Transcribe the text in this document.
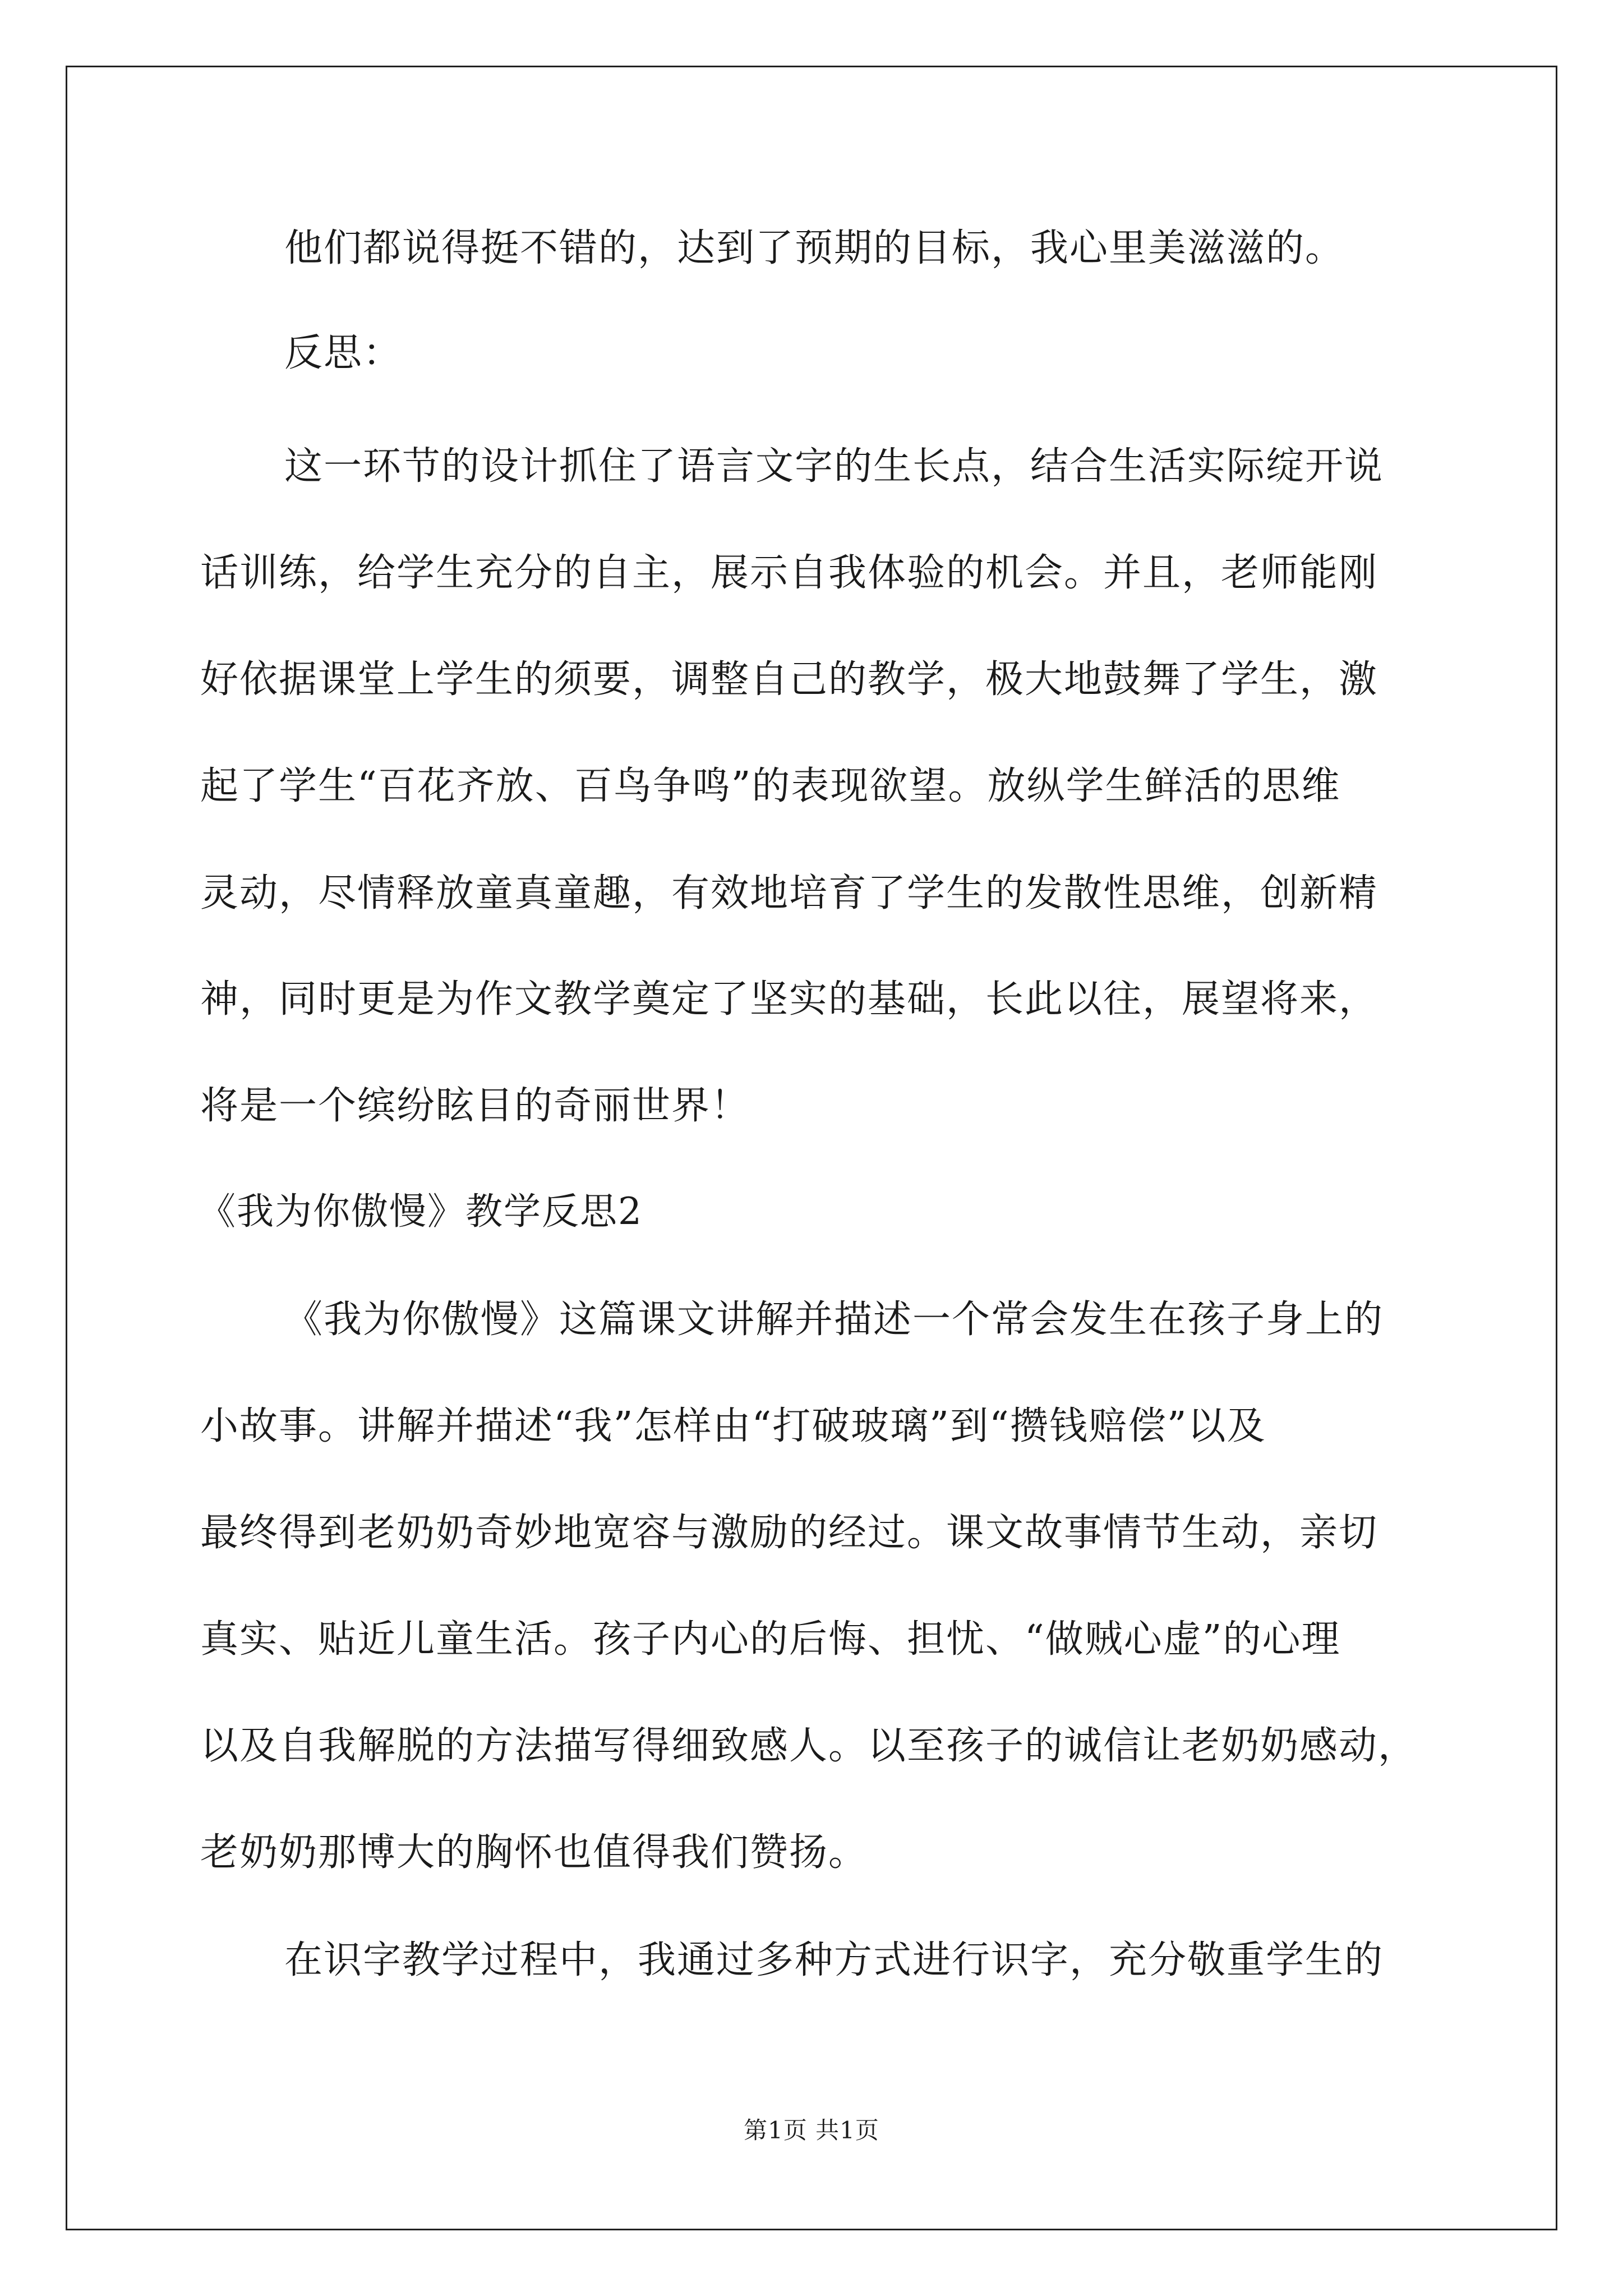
他们都说得挺不错的，达到了预期的目标，我心里美滋滋的。
反思：
这一环节的设计抓住了语言文字的生长点，结合生活实际绽开说
话训练，给学生充分的自主，展示自我体验的机会。并且，老师能刚
好依据课堂上学生的须要，调整自己的教学，极大地鼓舞了学生，激
起了学生“百花齐放、百鸟争鸣”的表现欲望。放纵学生鲜活的思维
灵动，尽情释放童真童趣，有效地培育了学生的发散性思维，创新精
神，同时更是为作文教学奠定了坚实的基础，长此以往，展望将来，
将是一个缤纷眩目的奇丽世界！
《我为你傲慢》教学反思2
《我为你傲慢》这篇课文讲解并描述一个常会发生在孩子身上的
小故事。讲解并描述“我”怎样由“打破玻璃”到“攒钱赔偿”以及
最终得到老奶奶奇妙地宽容与激励的经过。课文故事情节生动，亲切
真实、贴近儿童生活。孩子内心的后悔、担忧、“做贼心虚”的心理
以及自我解脱的方法描写得细致感人。以至孩子的诚信让老奶奶感动，
老奶奶那博大的胸怀也值得我们赞扬。
在识字教学过程中，我通过多种方式进行识字，充分敬重学生的
第1页 共1页
